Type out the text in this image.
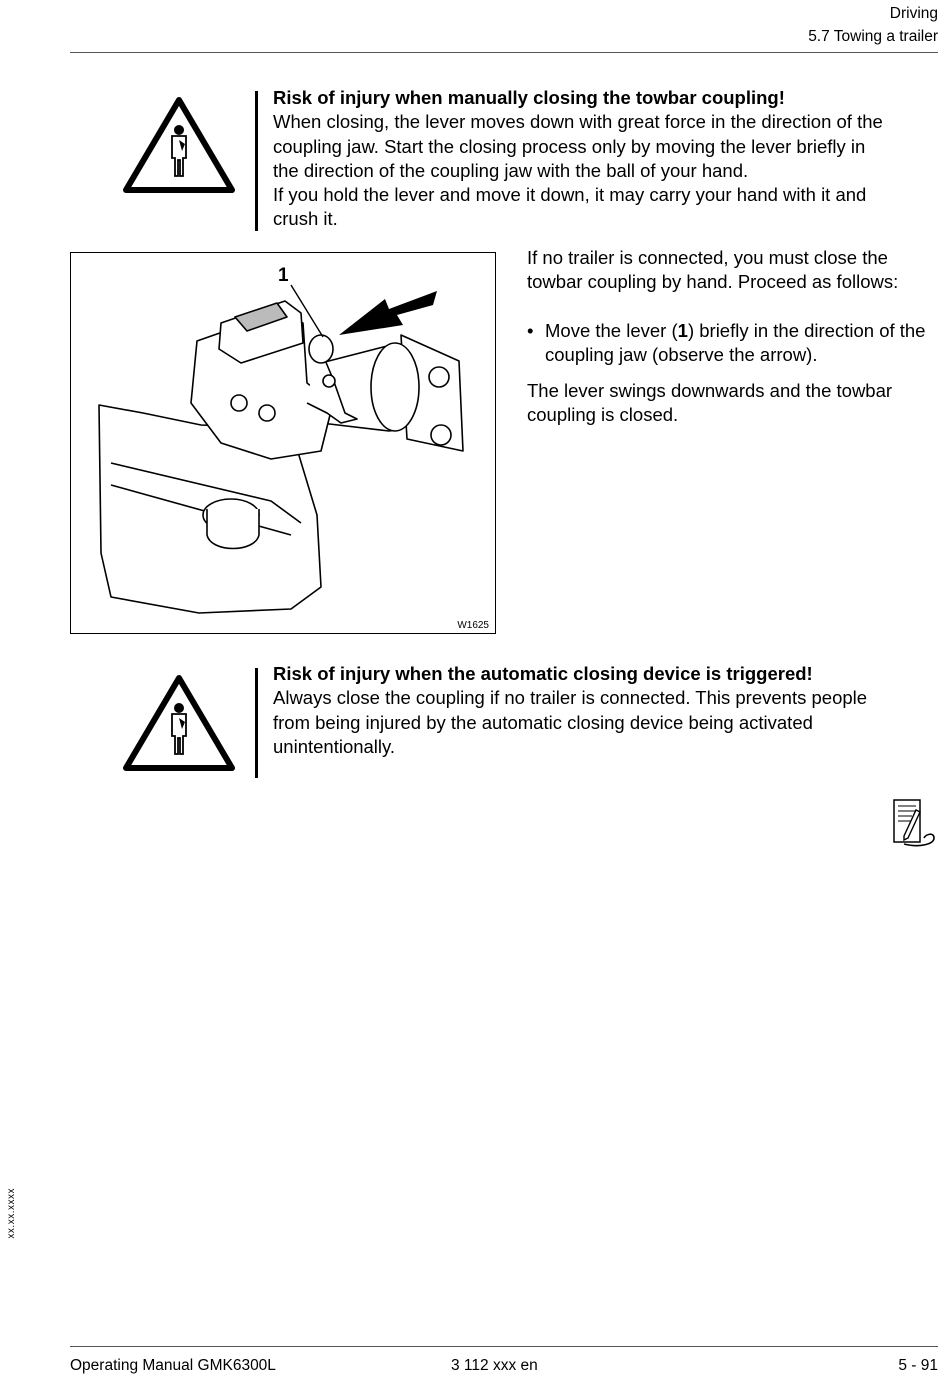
Driving
5.7 Towing a trailer
Risk of injury when manually closing the towbar coupling!
When closing, the lever moves down with great force in the direction of the
coupling jaw. Start the closing process only by moving the lever briefly in
the direction of the coupling jaw with the ball of your hand.
If you hold the lever and move it down, it may carry your hand with it and
crush it.
1
W1625
If no trailer is connected, you must close the towbar coupling by hand. Proceed as follows:
• Move the lever (1) briefly in the direction of the coupling jaw (observe the arrow).
The lever swings downwards and the towbar coupling is closed.
Risk of injury when the automatic closing device is triggered!
Always close the coupling if no trailer is connected. This prevents people
from being injured by the automatic closing device being activated
unintentionally.
xx.xx.xxxx
Operating Manual GMK6300L	3 112 xxx en	5 - 91
